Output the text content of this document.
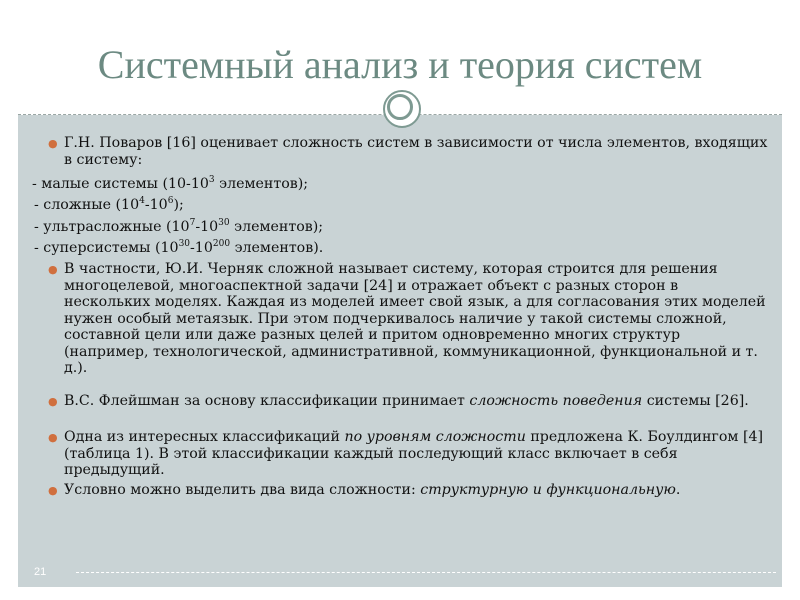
Системный анализ и теория систем
● Г.Н. Поваров [16] оценивает сложность систем в зависимости от числа элементов, входящих в систему:
- малые системы ($10-10^3$ элементов);
- сложные $(10^4-10^6)$;
- ультрасложные ($10^7-10^{30}$ элементов);
- суперсистемы ($10^{30}-10^{200}$ элементов).
● В частности, Ю.И. Черняк сложной называет систему, которая строится для решения многоцелевой, многоаспектной задачи [24] и отражает объект с разных сторон в нескольких моделях. Каждая из моделей имеет свой язык, а для согласования этих моделей нужен особый метаязык. При этом подчеркивалось наличие у такой системы сложной, составной цели или даже разных целей и притом одновременно многих структур (например, технологической, административной, коммуникационной, функциональной и т. д.).
● В.С. Флейшман за основу классификации принимает сложность поведения системы [26].
● Одна из интересных классификаций по уровням сложности предложена К. Боулдингом [4] (таблица 1). В этой классификации каждый последующий класс включает в себя предыдущий.
● Условно можно выделить два вида сложности: структурную и функциональную.
21
